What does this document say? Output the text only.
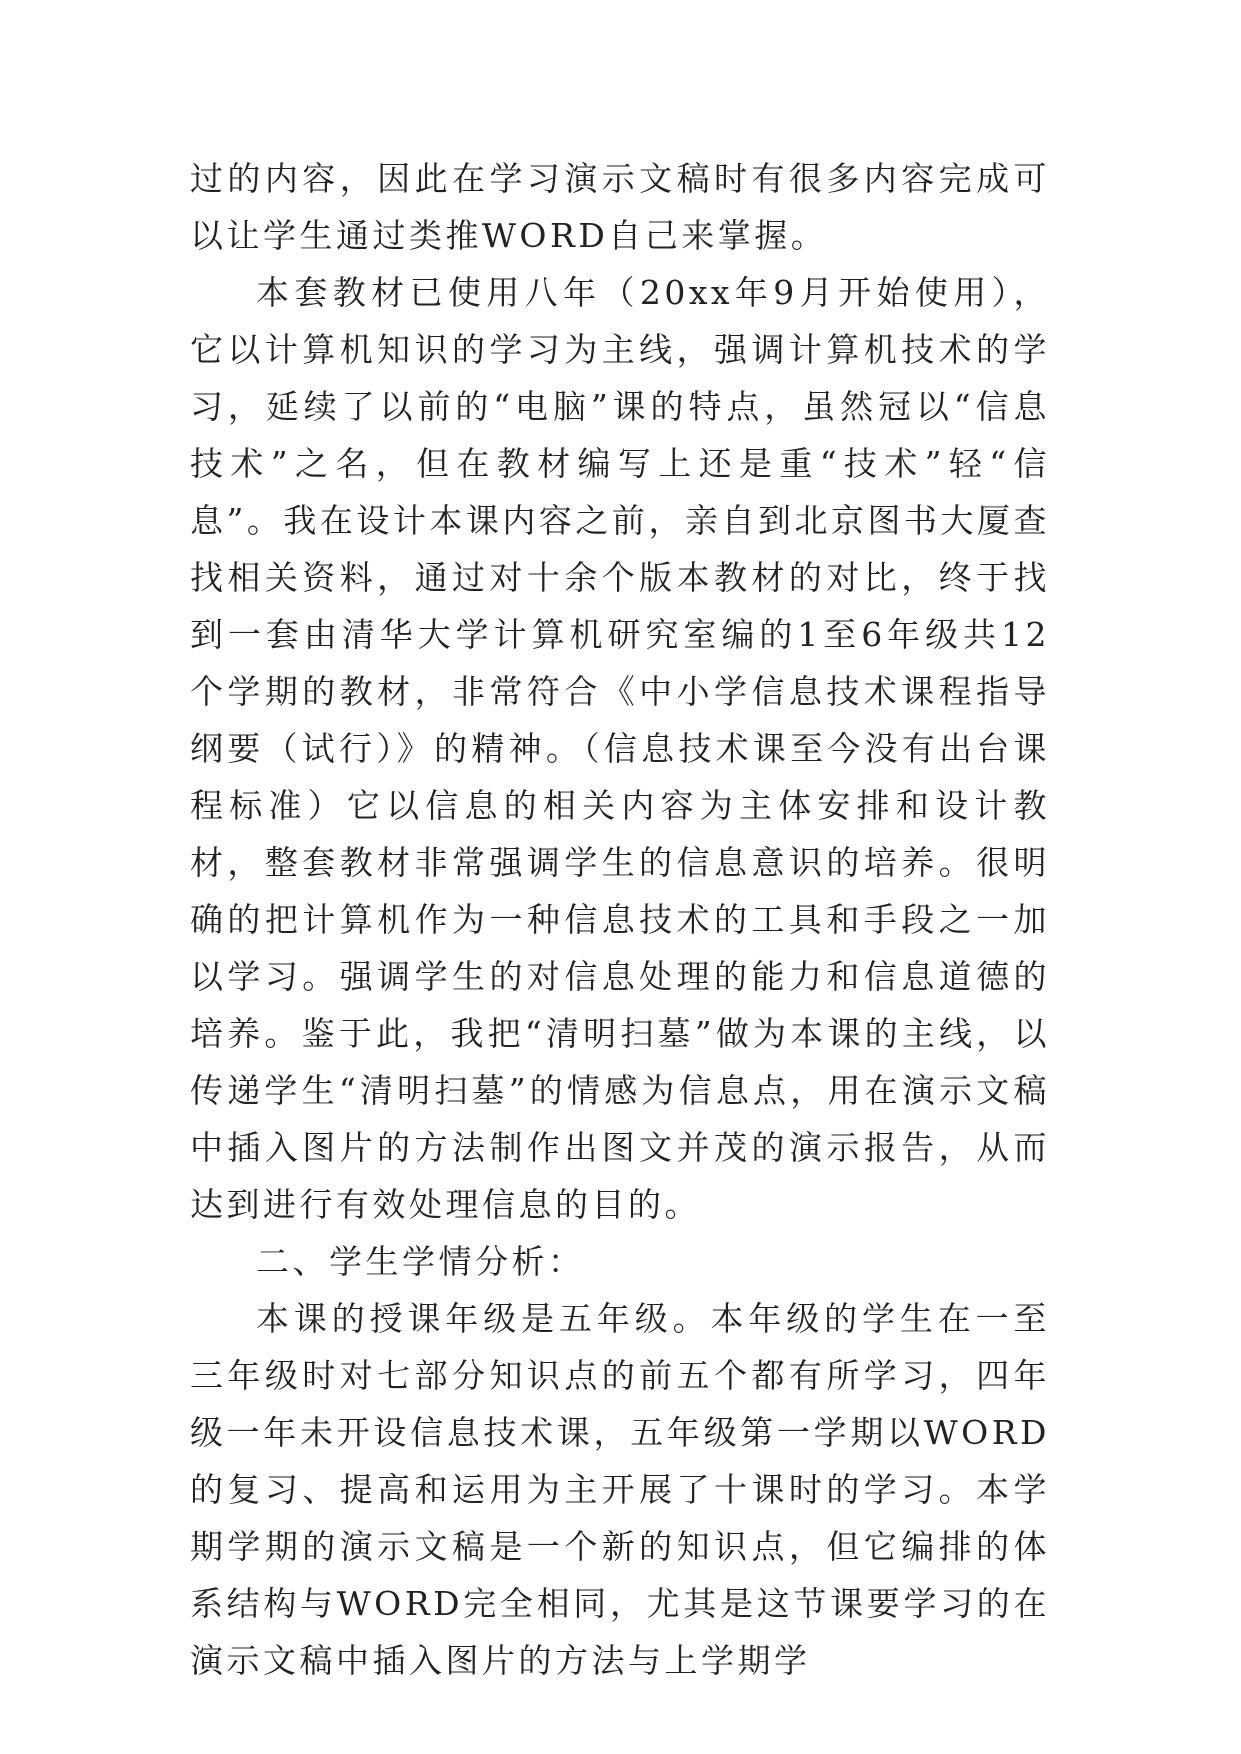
过的内容，因此在学习演示文稿时有很多内容完成可以让学生通过类推WORD自己来掌握。

本套教材已使用八年（20xx年9月开始使用），它以计算机知识的学习为主线，强调计算机技术的学习，延续了以前的“电脑”课的特点，虽然冠以“信息技术”之名，但在教材编写上还是重“技术”轻“信息”。我在设计本课内容之前，亲自到北京图书大厦查找相关资料，通过对十余个版本教材的对比，终于找到一套由清华大学计算机研究室编的1至6年级共12个学期的教材，非常符合《中小学信息技术课程指导纲要（试行）》的精神。（信息技术课至今没有出台课程标准）它以信息的相关内容为主体安排和设计教材，整套教材非常强调学生的信息意识的培养。很明确的把计算机作为一种信息技术的工具和手段之一加以学习。强调学生的对信息处理的能力和信息道德的培养。鉴于此，我把“清明扫墓”做为本课的主线，以传递学生“清明扫墓”的情感为信息点，用在演示文稿中插入图片的方法制作出图文并茂的演示报告，从而达到进行有效处理信息的目的。

二、学生学情分析：

本课的授课年级是五年级。本年级的学生在一至三年级时对七部分知识点的前五个都有所学习，四年级一年未开设信息技术课，五年级第一学期以WORD的复习、提高和运用为主开展了十课时的学习。本学期学期的演示文稿是一个新的知识点，但它编排的体系结构与WORD完全相同，尤其是这节课要学习的在演示文稿中插入图片的方法与上学期学
